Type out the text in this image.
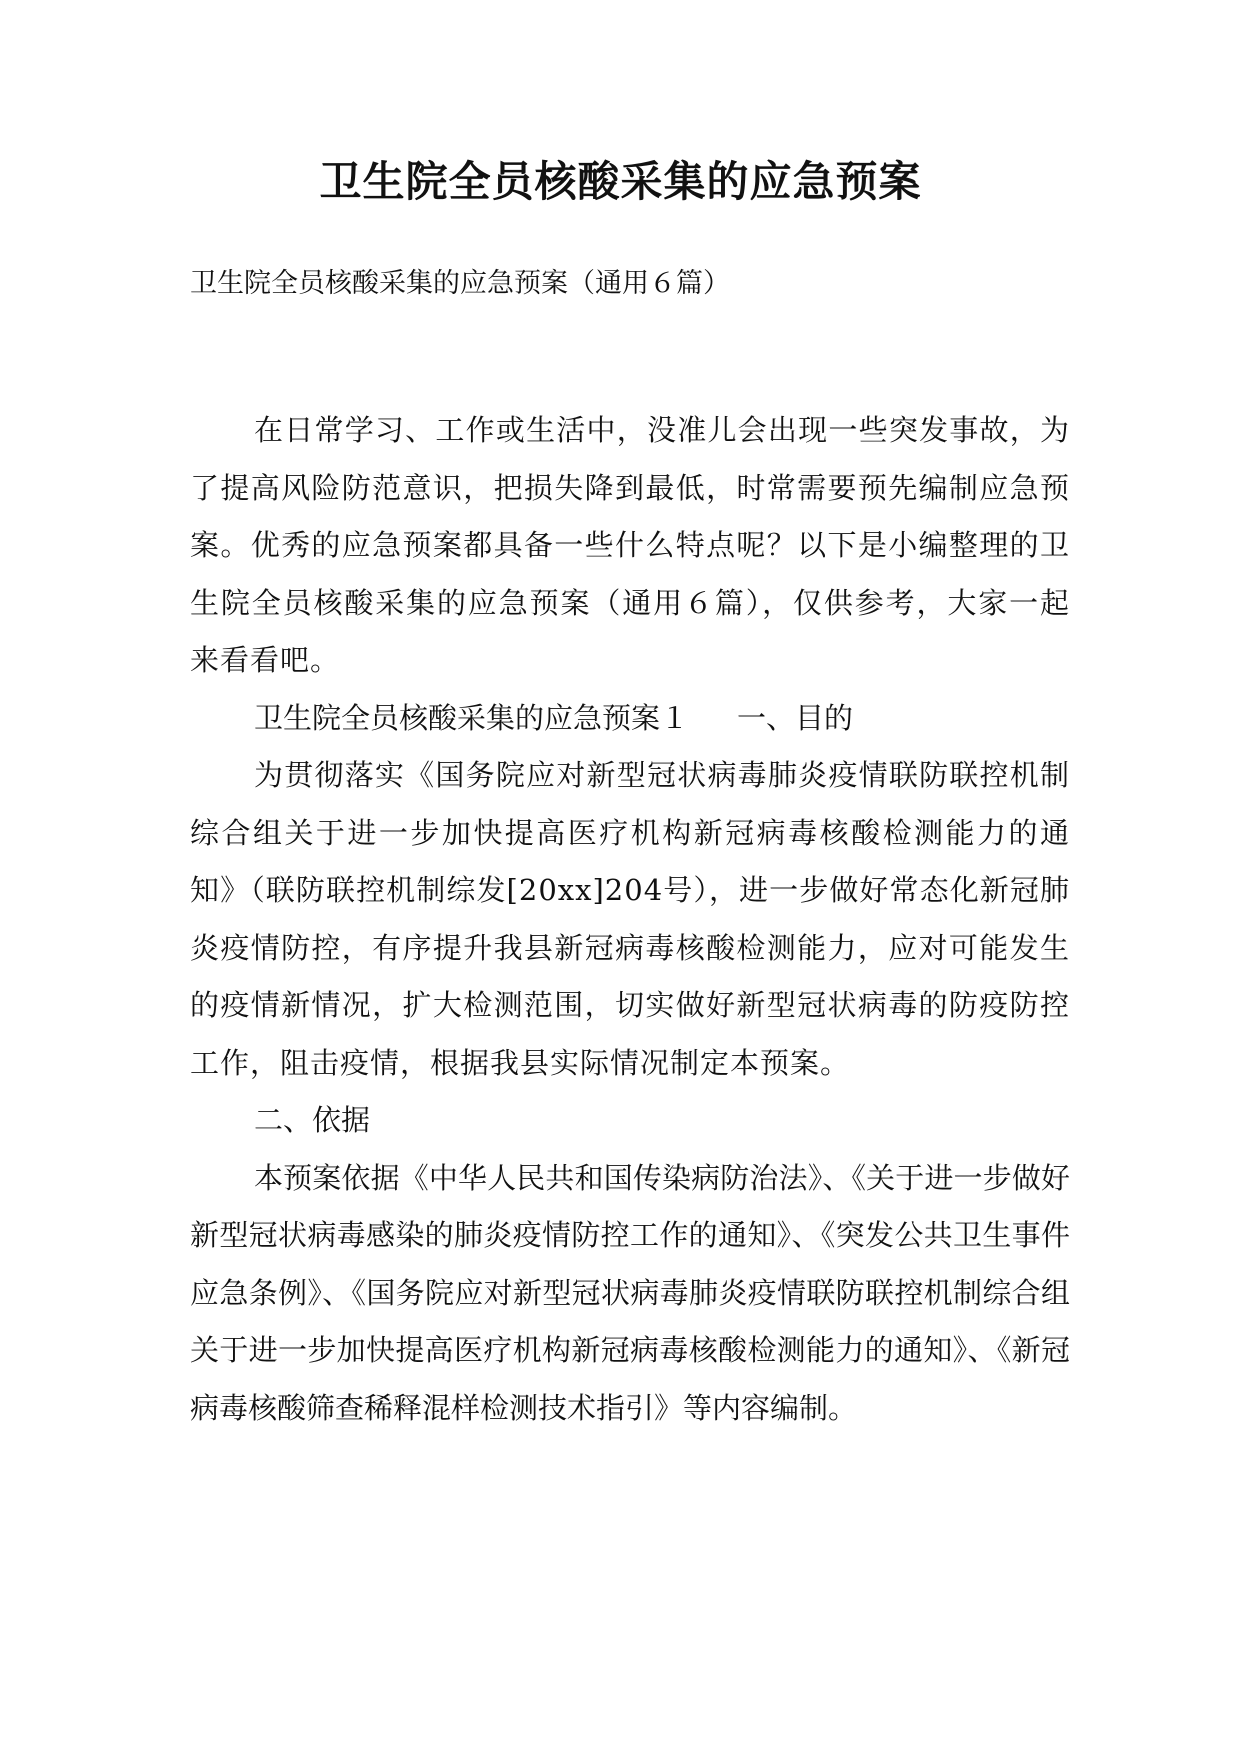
卫生院全员核酸采集的应急预案

卫生院全员核酸采集的应急预案（通用６篇）

在日常学习、工作或生活中，没准儿会出现一些突发事故，为了提高风险防范意识，把损失降到最低，时常需要预先编制应急预案。优秀的应急预案都具备一些什么特点呢？以下是小编整理的卫生院全员核酸采集的应急预案（通用６篇），仅供参考，大家一起来看看吧。

卫生院全员核酸采集的应急预案１ 一、目的

为贯彻落实《国务院应对新型冠状病毒肺炎疫情联防联控机制综合组关于进一步加快提高医疗机构新冠病毒核酸检测能力的通知》（联防联控机制综发[20xx]204号），进一步做好常态化新冠肺炎疫情防控，有序提升我县新冠病毒核酸检测能力，应对可能发生的疫情新情况，扩大检测范围，切实做好新型冠状病毒的防疫防控工作，阻击疫情，根据我县实际情况制定本预案。

二、依据

本预案依据《中华人民共和国传染病防治法》、《关于进一步做好新型冠状病毒感染的肺炎疫情防控工作的通知》、《突发公共卫生事件应急条例》、《国务院应对新型冠状病毒肺炎疫情联防联控机制综合组关于进一步加快提高医疗机构新冠病毒核酸检测能力的通知》、《新冠病毒核酸筛查稀释混样检测技术指引》等内容编制。
